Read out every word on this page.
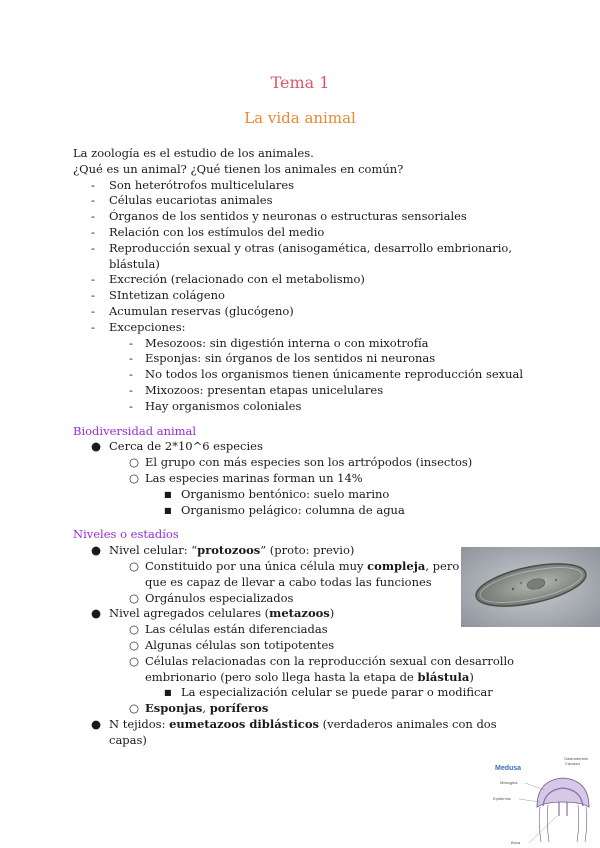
Tema 1
La vida animal
La zoología es el estudio de los animales.
¿Qué es un animal? ¿Qué tienen los animales en común?
- Son heterótrofos multicelulares
- Células eucariotas animales
- Órganos de los sentidos y neuronas o estructuras sensoriales
- Relación con los estímulos del medio
- Reproducción sexual y otras (anisogamética, desarrollo embrionario,
blástula)
- Excreción (relacionado con el metabolismo)
- SIntetizan colágeno
- Acumulan reservas (glucógeno)
- Excepciones:
- Mesozoos: sin digestión interna o con mixotrofía
- Esponjas: sin órganos de los sentidos ni neuronas
- No todos los organismos tienen únicamente reproducción sexual
- Mixozoos: presentan etapas unicelulares
- Hay organismos coloniales
Biodiversidad animal
● Cerca de 2*10^6 especies
○ El grupo con más especies son los artrópodos (insectos)
○ Las especies marinas forman un 14%
■ Organismo bentónico: suelo marino
■ Organismo pelágico: columna de agua
Niveles o estadíos
● Nivel celular: “protozoos” (proto: previo)
○ Constituido por una única célula muy compleja, pero
que es capaz de llevar a cabo todas las funciones
○ Orgánulos especializados
● Nivel agregados celulares (metazoos)
○ Las células están diferenciadas
○ Algunas células son totipotentes
○ Células relacionadas con la reproducción sexual con desarrollo
embrionario (pero solo llega hasta la etapa de blástula)
■ La especialización celular se puede parar o modificar
○ Esponjas, poríferos
● N tejidos: eumetazoos diblásticos (verdaderos animales con dos
capas)
Medusa
Gastrodermis
Cavidad
Mesoglea
Epidermis
Boca
